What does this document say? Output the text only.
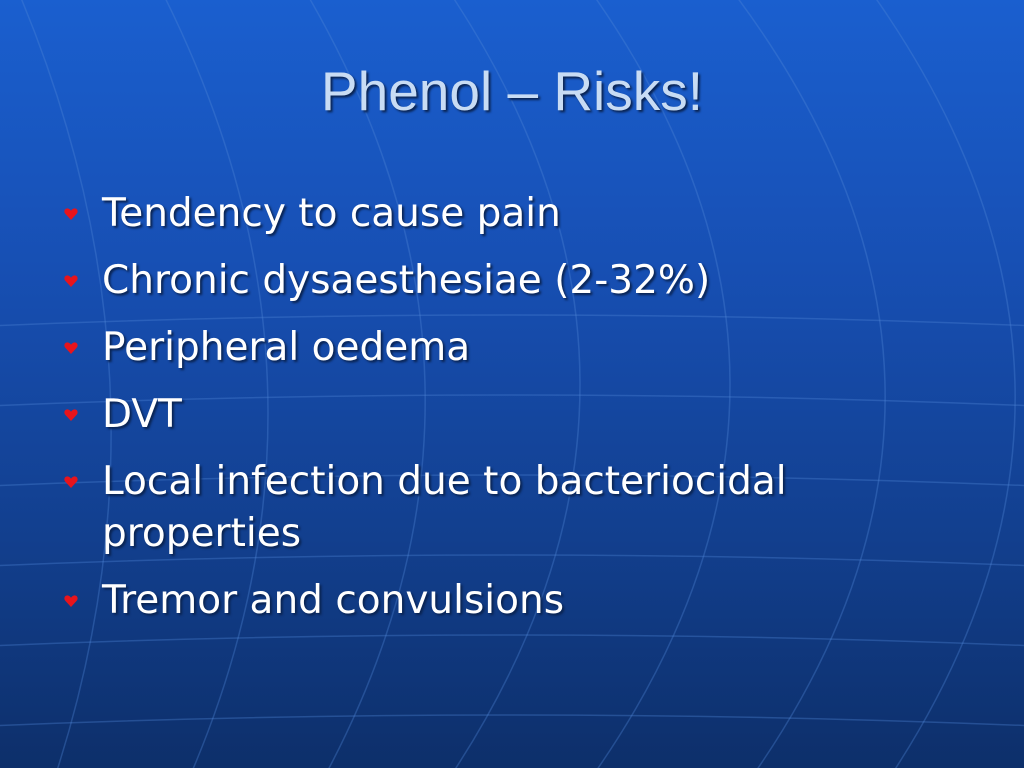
Phenol – Risks!
Tendency to cause pain
Chronic dysaesthesiae (2-32%)
Peripheral oedema
DVT
Local infection due to bacteriocidal properties
Tremor and convulsions
